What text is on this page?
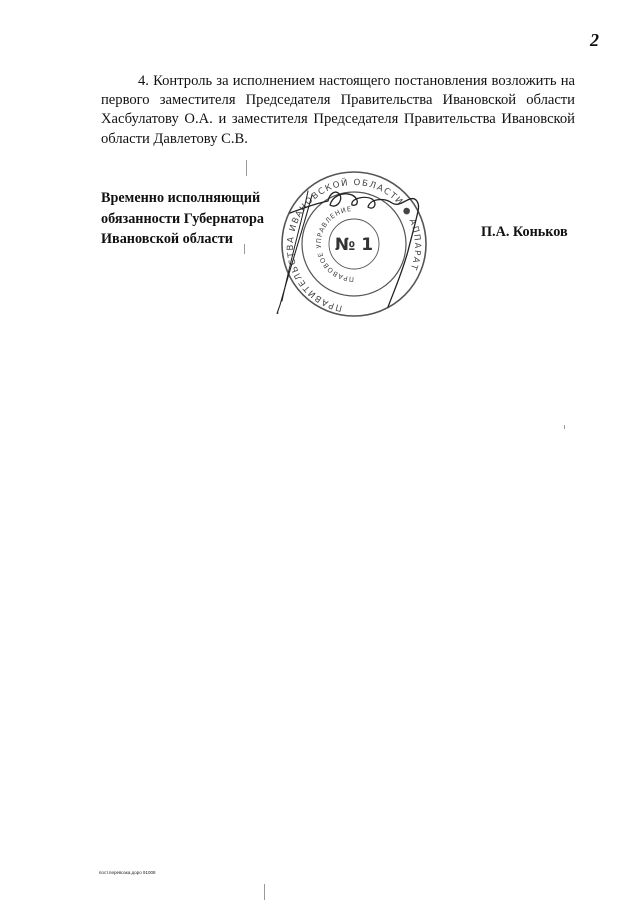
2

4. Контроль за исполнением настоящего постановления возложить на первого заместителя Председателя Правительства Ивановской области Хасбулатову О.А. и заместителя Председателя Правительства Ивановской области Давлетову С.В.

Временно исполняющий
обязанности Губернатора
Ивановской области	П.А. Коньков
ПРАВИТЕЛЬСТВА ИВАНОВСКОЙ ОБЛАСТИ ● АППАРАТ
ПРАВОВОЕ УПРАВЛЕНИЕ
№ 1
пост.перевозка.доро 91008
